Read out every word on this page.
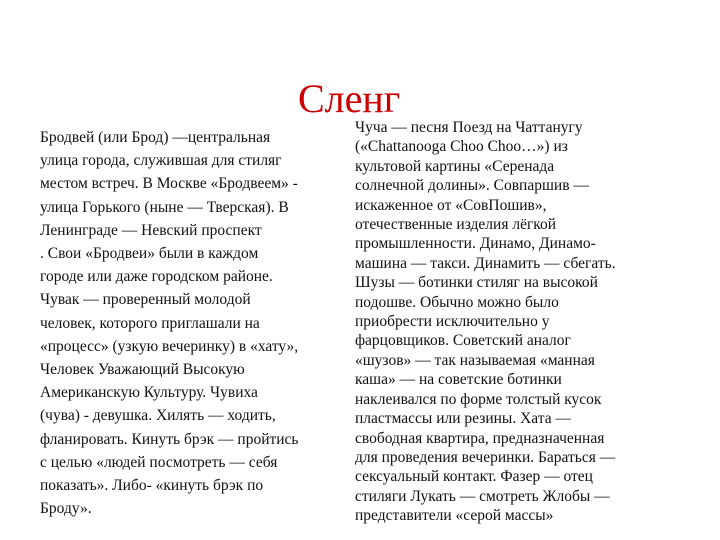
Сленг
Бродвей (или Брод) —центральная
улица города, служившая для стиляг
местом встреч. В Москве «Бродвеем» -
улица Горького (ныне — Тверская). В
Ленинграде — Невский проспект
. Свои «Бродвеи» были в каждом
городе или даже городском районе.
Чувак — проверенный молодой
человек, которого приглашали на
«процесс» (узкую вечеринку) в «хату»,
Человек Уважающий Высокую
Американскую Культуру. Чувиха
(чува) - девушка. Хилять — ходить,
фланировать. Кинуть брэк — пройтись
с целью «людей посмотреть — себя
показать». Либо- «кинуть брэк по
Броду».
Чуча — песня Поезд на Чаттанугу
(«Chattanooga Choo Choo…») из
культовой картины «Серенада
солнечной долины». Совпаршив —
искаженное от «СовПошив»,
отечественные изделия лёгкой
промышленности. Динамо, Динамо-
машина — такси. Динамить — сбегать.
Шузы — ботинки стиляг на высокой
подошве. Обычно можно было
приобрести исключительно у
фарцовщиков. Советский аналог
«шузов» — так называемая «манная
каша» — на советские ботинки
наклеивался по форме толстый кусок
пластмассы или резины. Хата —
свободная квартира, предназначенная
для проведения вечеринки. Бараться —
сексуальный контакт. Фазер — отец
стиляги Лукать — смотреть Жлобы —
представители «серой массы»
